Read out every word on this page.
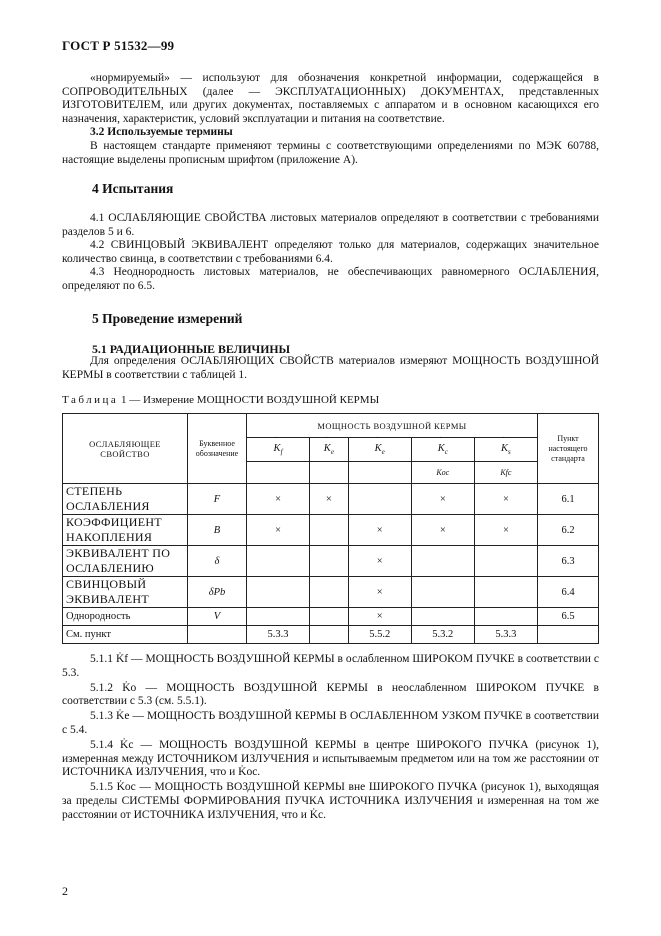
ГОСТ Р 51532—99

«нормируемый» — используют для обозначения конкретной информации, содержащейся в СОПРОВОДИТЕЛЬНЫХ (далее — ЭКСПЛУАТАЦИОННЫХ) ДОКУМЕНТАХ, представленных ИЗГОТОВИТЕЛЕМ, или других документах, поставляемых с аппаратом и в основном касающихся его назначения, характеристик, условий эксплуатации и питания на соответствие.

3.2 Используемые термины

В настоящем стандарте применяют термины с соответствующими определениями по МЭК 60788, настоящие выделены прописным шрифтом (приложение А).

4 Испытания

4.1 ОСЛАБЛЯЮЩИЕ СВОЙСТВА листовых материалов определяют в соответствии с требованиями разделов 5 и 6.

4.2 СВИНЦОВЫЙ ЭКВИВАЛЕНТ определяют только для материалов, содержащих значительное количество свинца, в соответствии с требованиями 6.4.

4.3 Неоднородность листовых материалов, не обеспечивающих равномерного ОСЛАБЛЕНИЯ, определяют по 6.5.

5 Проведение измерений
5.1 РАДИАЦИОННЫЕ ВЕЛИЧИНЫ

Для определения ОСЛАБЛЯЮЩИХ СВОЙСТВ материалов измеряют МОЩНОСТЬ ВОЗДУШНОЙ КЕРМЫ в соответствии с таблицей 1.

Таблица 1 — Измерение МОЩНОСТИ ВОЗДУШНОЙ КЕРМЫ
ОСЛАБЛЯЮЩЕЕ СВОЙСТВО	Буквенное обозначение	МОЩНОСТЬ ВОЗДУШНОЙ КЕРМЫ					Пункт настоящего стандарта
		˙ $K_f$	˙ $K_e$	˙ $K_e$	˙ $K_c$	˙ $K_s$
					Koc	Kfc	
СТЕПЕНЬ ОСЛАБЛЕНИЯ	F	×	×		×	×	6.1
КОЭФФИЦИЕНТ НАКОПЛЕНИЯ	B	×		×	×	×	6.2
ЭКВИВАЛЕНТ ПО ОСЛАБЛЕНИЮ	δ			×			6.3
СВИНЦОВЫЙ ЭКВИВАЛЕНТ	δPb			×			6.4
Однородность	V			×			6.5
См. пункт		5.3.3		5.5.2	5.3.2	5.3.3	

5.1.1 K̇f — МОЩНОСТЬ ВОЗДУШНОЙ КЕРМЫ в ослабленном ШИРОКОМ ПУЧКЕ в соответствии с 5.3.

5.1.2 K̇o — МОЩНОСТЬ ВОЗДУШНОЙ КЕРМЫ в неослабленном ШИРОКОМ ПУЧКЕ в соответствии с 5.3 (см. 5.5.1).

5.1.3 K̇e — МОЩНОСТЬ ВОЗДУШНОЙ КЕРМЫ В ОСЛАБЛЕННОМ УЗКОМ ПУЧКЕ в соответствии с 5.4.

5.1.4 K̇c — МОЩНОСТЬ ВОЗДУШНОЙ КЕРМЫ в центре ШИРОКОГО ПУЧКА (рисунок 1), измеренная между ИСТОЧНИКОМ ИЗЛУЧЕНИЯ и испытываемым предметом или на том же расстоянии от ИСТОЧНИКА ИЗЛУЧЕНИЯ, что и K̇oc.

5.1.5 K̇oc — МОЩНОСТЬ ВОЗДУШНОЙ КЕРМЫ вне ШИРОКОГО ПУЧКА (рисунок 1), выходящая за пределы СИСТЕМЫ ФОРМИРОВАНИЯ ПУЧКА ИСТОЧНИКА ИЗЛУЧЕНИЯ и измеренная на том же расстоянии от ИСТОЧНИКА ИЗЛУЧЕНИЯ, что и K̇c.

2
